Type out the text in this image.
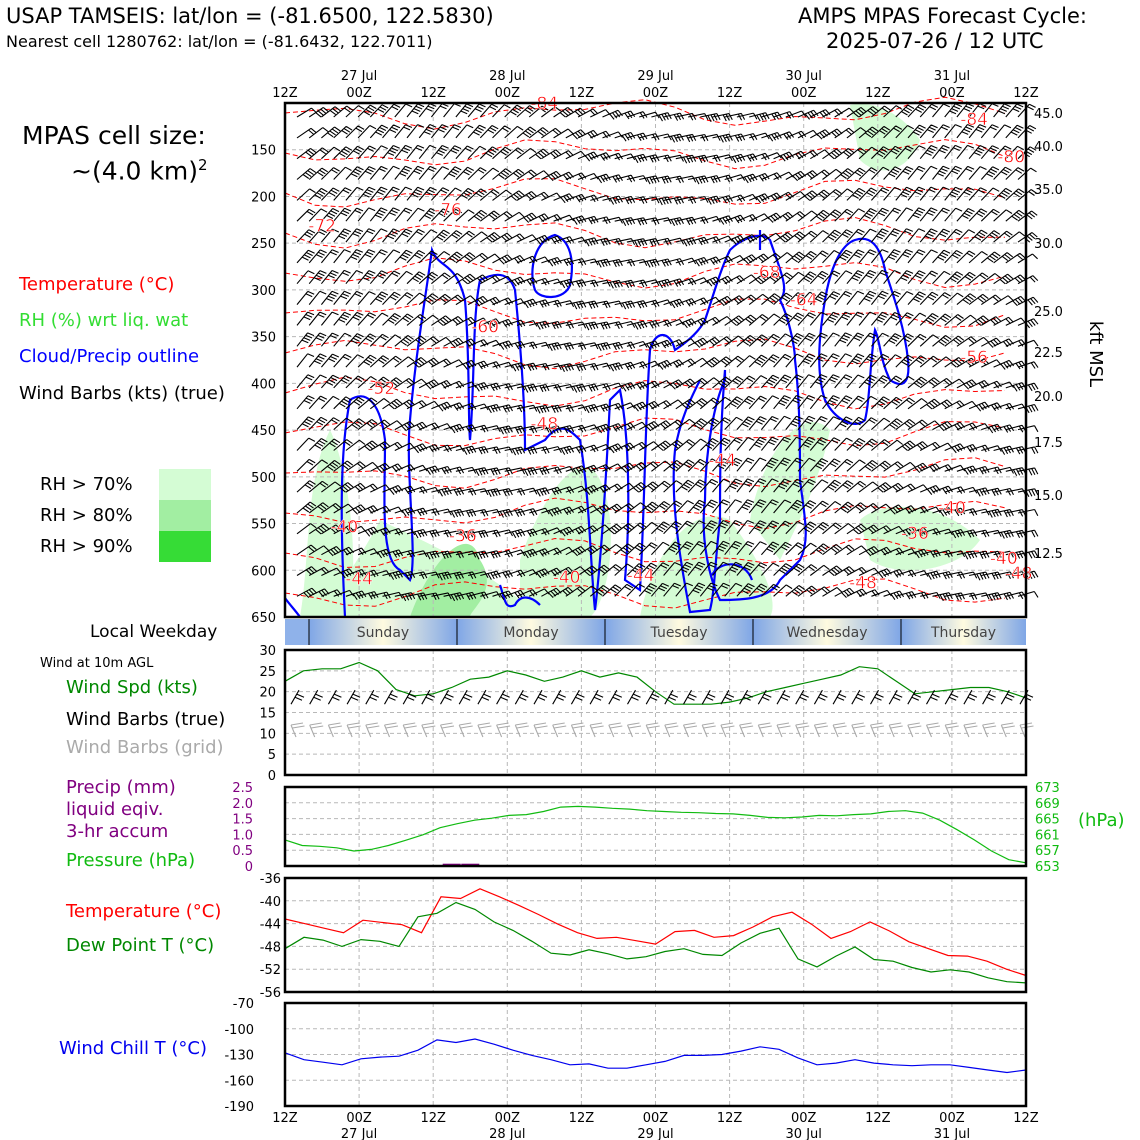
USAP TAMSEIS: lat/lon = (-81.6500, 122.5830)
Nearest cell 1280762: lat/lon = (-81.6432, 122.7011)
AMPS MPAS Forecast Cycle:
2025-07-26 / 12 UTC
MPAS cell size:
~(4.0 km)$^2$
Temperature (°C)
RH (%) wrt liq. wat
Cloud/Precip outline
Wind Barbs (kts) (true)
RH > 70%
RH > 80%
RH > 90%
Local Weekday
Wind at 10m AGL
Wind Spd (kts)
Wind Barbs (true)
Wind Barbs (grid)
Precip (mm)
liquid eqiv.
3-hr accum
Pressure (hPa)
Temperature (°C)
Dew Point T (°C)
Wind Chill T (°C)
-84
-84
-80
-76
-72
-68
-64
-60
-56
-52
-48
-44
-40
-40	-36	-36
-40
-48
-44	-40	-44	-48
150
200
250
300
350
400
450
500
550
600
650
45.0
40.0
35.0
30.0
25.0
22.5
20.0
17.5
15.0
12.5
kft MSL
Sunday	Monday	Tuesday	Wednesday	Thursday
30
25
20
15
10
5
0
2.5
2.0
1.5
1.0
0.5
0
673
669
665
661
657
653
(hPa)
-36
-40
-44
-48
-52
-56
-70
-100
-130
-160
-190
12Z
12Z
00Z
00Z
12Z
12Z
00Z
00Z
12Z
12Z
00Z
00Z
12Z
12Z
00Z
00Z
12Z
12Z
00Z
00Z
12Z
12Z
27 Jul
27 Jul
28 Jul
28 Jul
29 Jul
29 Jul
30 Jul
30 Jul
31 Jul
31 Jul
